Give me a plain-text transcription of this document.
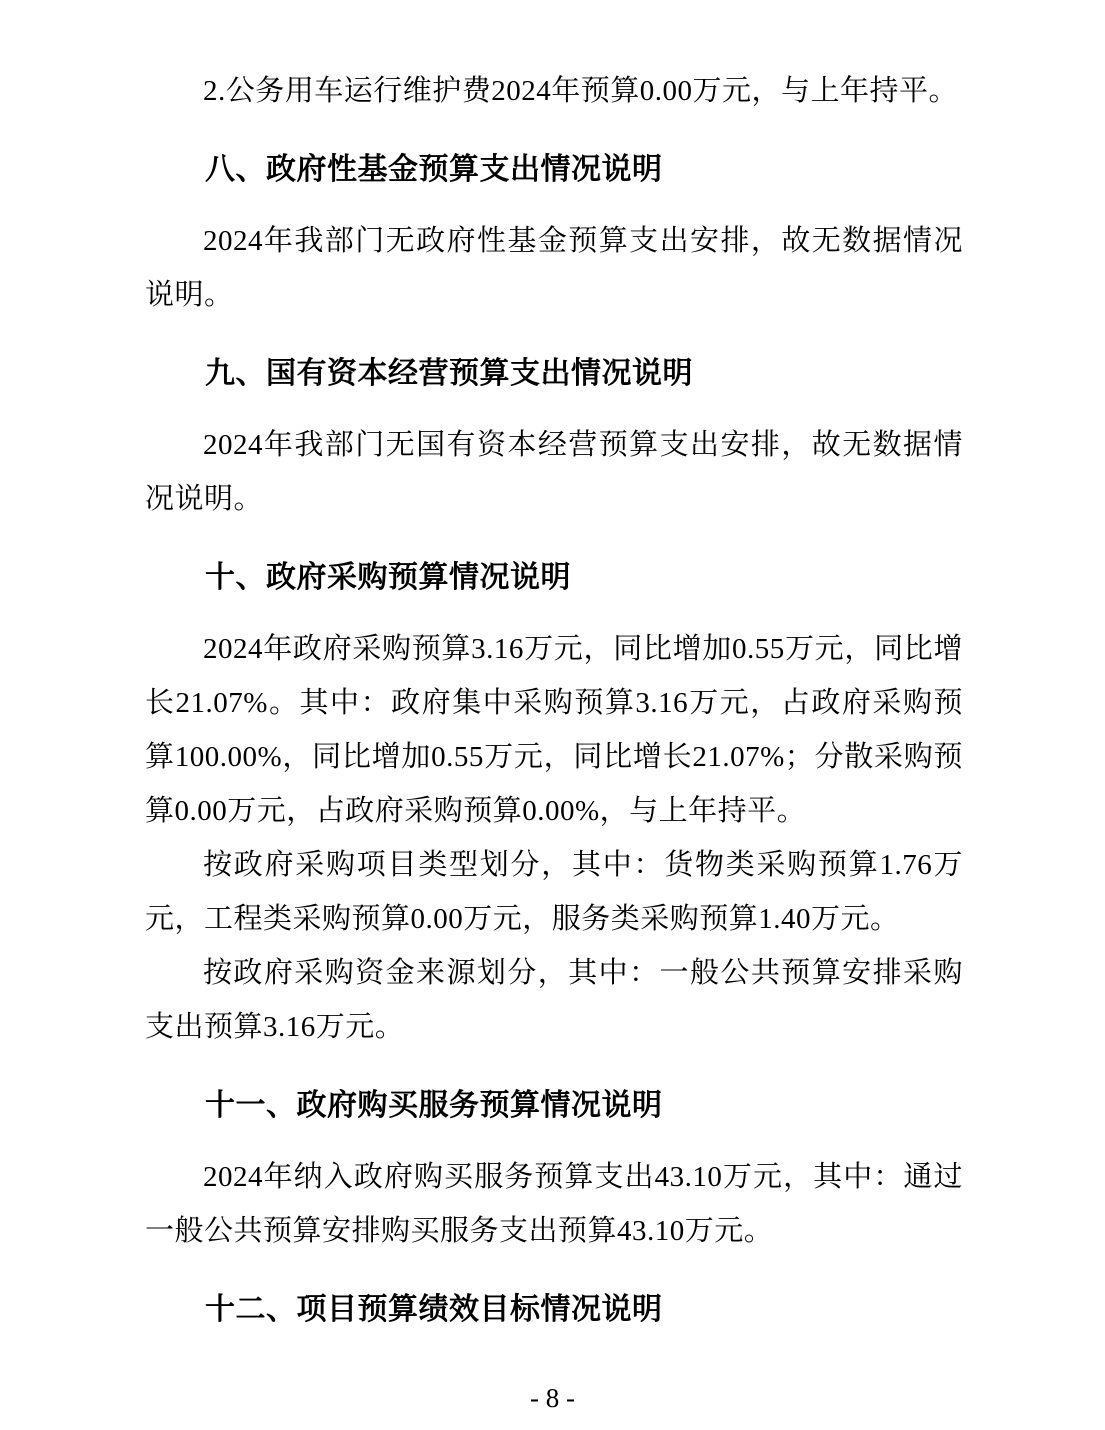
2.公务用车运行维护费2024年预算0.00万元，与上年持平。

八、政府性基金预算支出情况说明

2024年我部门无政府性基金预算支出安排，故无数据情况说明。

九、国有资本经营预算支出情况说明

2024年我部门无国有资本经营预算支出安排，故无数据情况说明。

十、政府采购预算情况说明

2024年政府采购预算3.16万元，同比增加0.55万元，同比增长21.07%。其中：政府集中采购预算3.16万元，占政府采购预算100.00%，同比增加0.55万元，同比增长21.07%；分散采购预算0.00万元，占政府采购预算0.00%，与上年持平。

按政府采购项目类型划分，其中：货物类采购预算1.76万元，工程类采购预算0.00万元，服务类采购预算1.40万元。

按政府采购资金来源划分，其中：一般公共预算安排采购支出预算3.16万元。

十一、政府购买服务预算情况说明

2024年纳入政府购买服务预算支出43.10万元，其中：通过一般公共预算安排购买服务支出预算43.10万元。

十二、项目预算绩效目标情况说明

- 8 -
